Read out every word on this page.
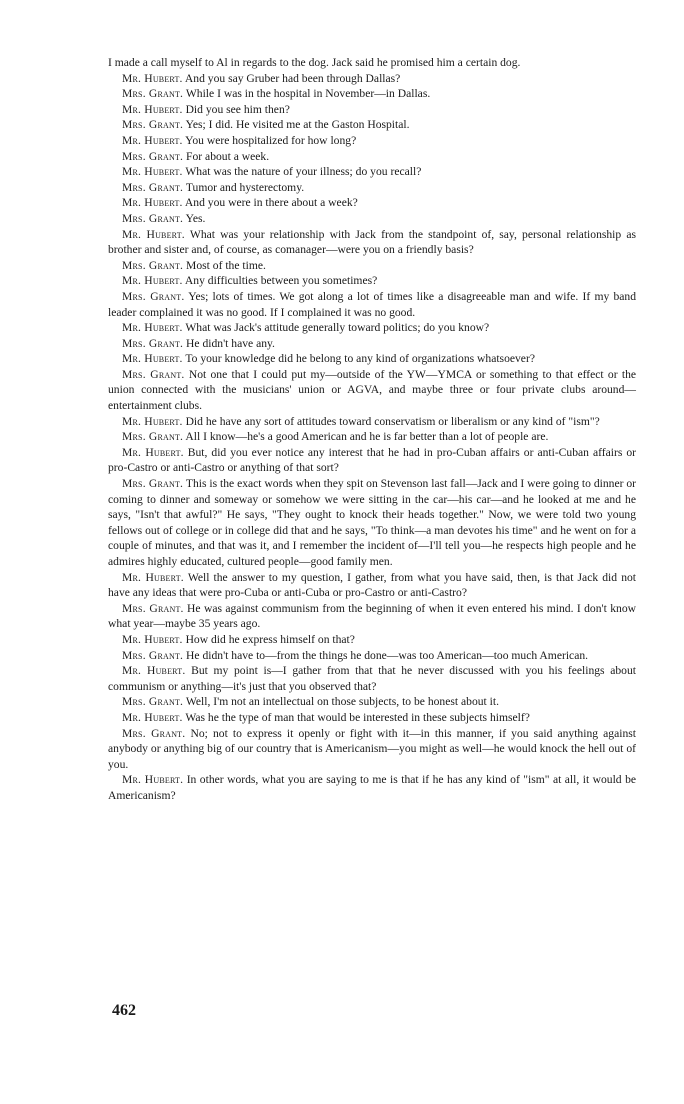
I made a call myself to Al in regards to the dog. Jack said he promised him a certain dog.

Mr. Hubert. And you say Gruber had been through Dallas?

Mrs. Grant. While I was in the hospital in November—in Dallas.

Mr. Hubert. Did you see him then?

Mrs. Grant. Yes; I did. He visited me at the Gaston Hospital.

Mr. Hubert. You were hospitalized for how long?

Mrs. Grant. For about a week.

Mr. Hubert. What was the nature of your illness; do you recall?

Mrs. Grant. Tumor and hysterectomy.

Mr. Hubert. And you were in there about a week?

Mrs. Grant. Yes.

Mr. Hubert. What was your relationship with Jack from the standpoint of, say, personal relationship as brother and sister and, of course, as comanager—were you on a friendly basis?

Mrs. Grant. Most of the time.

Mr. Hubert. Any difficulties between you sometimes?

Mrs. Grant. Yes; lots of times. We got along a lot of times like a disagreeable man and wife. If my band leader complained it was no good. If I complained it was no good.

Mr. Hubert. What was Jack's attitude generally toward politics; do you know?

Mrs. Grant. He didn't have any.

Mr. Hubert. To your knowledge did he belong to any kind of organizations whatsoever?

Mrs. Grant. Not one that I could put my—outside of the YW—YMCA or something to that effect or the union connected with the musicians' union or AGVA, and maybe three or four private clubs around—entertainment clubs.

Mr. Hubert. Did he have any sort of attitudes toward conservatism or liberalism or any kind of "ism"?

Mrs. Grant. All I know—he's a good American and he is far better than a lot of people are.

Mr. Hubert. But, did you ever notice any interest that he had in pro-Cuban affairs or anti-Cuban affairs or pro-Castro or anti-Castro or anything of that sort?

Mrs. Grant. This is the exact words when they spit on Stevenson last fall—Jack and I were going to dinner or coming to dinner and someway or somehow we were sitting in the car—his car—and he looked at me and he says, "Isn't that awful?" He says, "They ought to knock their heads together." Now, we were told two young fellows out of college or in college did that and he says, "To think—a man devotes his time" and he went on for a couple of minutes, and that was it, and I remember the incident of—I'll tell you—he respects high people and he admires highly educated, cultured people—good family men.

Mr. Hubert. Well the answer to my question, I gather, from what you have said, then, is that Jack did not have any ideas that were pro-Cuba or anti-Cuba or pro-Castro or anti-Castro?

Mrs. Grant. He was against communism from the beginning of when it even entered his mind. I don't know what year—maybe 35 years ago.

Mr. Hubert. How did he express himself on that?

Mrs. Grant. He didn't have to—from the things he done—was too American—too much American.

Mr. Hubert. But my point is—I gather from that that he never discussed with you his feelings about communism or anything—it's just that you observed that?

Mrs. Grant. Well, I'm not an intellectual on those subjects, to be honest about it.

Mr. Hubert. Was he the type of man that would be interested in these subjects himself?

Mrs. Grant. No; not to express it openly or fight with it—in this manner, if you said anything against anybody or anything big of our country that is Americanism—you might as well—he would knock the hell out of you.

Mr. Hubert. In other words, what you are saying to me is that if he has any kind of "ism" at all, it would be Americanism?

462
